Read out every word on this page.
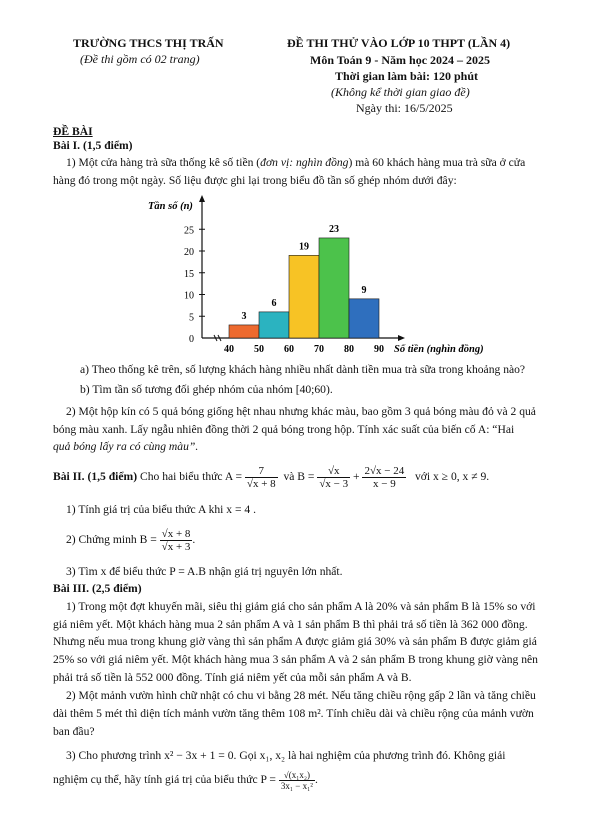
TRƯỜNG THCS THỊ TRẤN
(Đề thi gồm có 02 trang)
ĐỀ THI THỬ VÀO LỚP 10 THPT (LẦN 4)
Môn Toán 9 - Năm học 2024 – 2025
Thời gian làm bài: 120 phút
(Không kể thời gian giao đề)
Ngày thi: 16/5/2025
ĐỀ BÀI
Bài I. (1,5 điểm)
1) Một cửa hàng trà sữa thống kê số tiền (đơn vị: nghìn đồng) mà 60 khách hàng mua trà sữa ở cửa
hàng đó trong một ngày. Số liệu được ghi lại trong biểu đồ tần số ghép nhóm dưới đây:
0
5
10
15
20
25
Tần số (n)
3
6
19
23
9
40 50 60 70 80 90 Số tiền (nghìn đồng)
a) Theo thống kê trên, số lượng khách hàng nhiều nhất dành tiền mua trà sữa trong khoảng nào?
b) Tìm tần số tương đối ghép nhóm của nhóm [40;60).
2) Một hộp kín có 5 quả bóng giống hệt nhau nhưng khác màu, bao gồm 3 quả bóng màu đỏ và 2 quả
bóng màu xanh. Lấy ngẫu nhiên đồng thời 2 quả bóng trong hộp. Tính xác suất của biến cố A: “Hai
quả bóng lấy ra có cùng màu”.
Bài II. (1,5 điểm) Cho hai biểu thức $A = \frac{7}{√x + 8}$ và $B = \frac{√x}{√x - 3} + \frac{2√x - 24}{x - 9}$ với x ≥ 0, x ≠ 9.
1) Tính giá trị của biểu thức A khi x = 4 .
2) Chứng minh $B = \frac{√x + 8}{√x + 3}$ .
3) Tìm x để biểu thức P = A.B nhận giá trị nguyên lớn nhất.
Bài III. (2,5 điểm)
1) Trong một đợt khuyến mãi, siêu thị giảm giá cho sản phẩm A là 20% và sản phẩm B là 15% so với
giá niêm yết. Một khách hàng mua 2 sản phẩm A và 1 sản phẩm B thì phải trả số tiền là 362 000 đồng.
Nhưng nếu mua trong khung giờ vàng thì sản phẩm A được giảm giá 30% và sản phẩm B được giảm giá
25% so với giá niêm yết. Một khách hàng mua 3 sản phẩm A và 2 sản phẩm B trong khung giờ vàng nên
phải trả số tiền là 552 000 đồng. Tính giá niêm yết của mỗi sản phẩm A và B.
2) Một mảnh vườn hình chữ nhật có chu vi bằng 28 mét. Nếu tăng chiều rộng gấp 2 lần và tăng chiều
dài thêm 5 mét thì diện tích mảnh vườn tăng thêm 108 m². Tính chiều dài và chiều rộng của mảnh vườn
ban đầu?
3) Cho phương trình x² − 3x + 1 = 0. Gọi x₁, x₂ là hai nghiệm của phương trình đó. Không giải
nghiệm cụ thể, hãy tính giá trị của biểu thức $P = \frac{\text{√(x₁x₂)}}{\text{3x₁ − x₁²}}$ .
